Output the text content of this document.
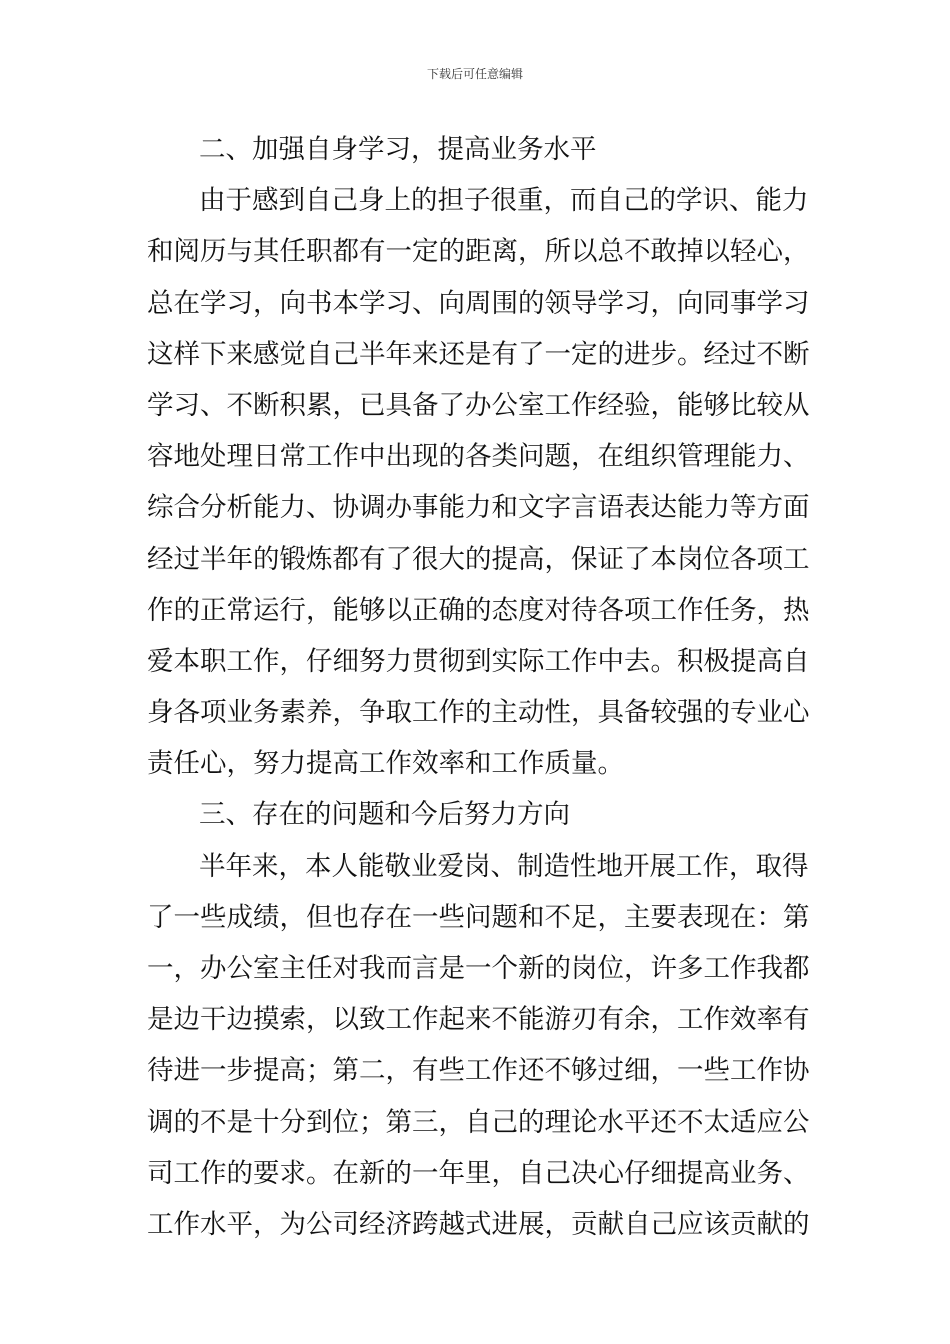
下载后可任意编辑
二、加强自身学习，提高业务水平
由于感到自己身上的担子很重，而自己的学识、能力
和阅历与其任职都有一定的距离，所以总不敢掉以轻心，
总在学习，向书本学习、向周围的领导学习，向同事学习
这样下来感觉自己半年来还是有了一定的进步。经过不断
学习、不断积累，已具备了办公室工作经验，能够比较从
容地处理日常工作中出现的各类问题，在组织管理能力、
综合分析能力、协调办事能力和文字言语表达能力等方面
经过半年的锻炼都有了很大的提高，保证了本岗位各项工
作的正常运行，能够以正确的态度对待各项工作任务，热
爱本职工作，仔细努力贯彻到实际工作中去。积极提高自
身各项业务素养，争取工作的主动性，具备较强的专业心
责任心，努力提高工作效率和工作质量。
三、存在的问题和今后努力方向
半年来，本人能敬业爱岗、制造性地开展工作，取得
了一些成绩，但也存在一些问题和不足，主要表现在：第
一，办公室主任对我而言是一个新的岗位，许多工作我都
是边干边摸索，以致工作起来不能游刃有余，工作效率有
待进一步提高；第二，有些工作还不够过细，一些工作协
调的不是十分到位；第三，自己的理论水平还不太适应公
司工作的要求。在新的一年里，自己决心仔细提高业务、
工作水平，为公司经济跨越式进展，贡献自己应该贡献的
